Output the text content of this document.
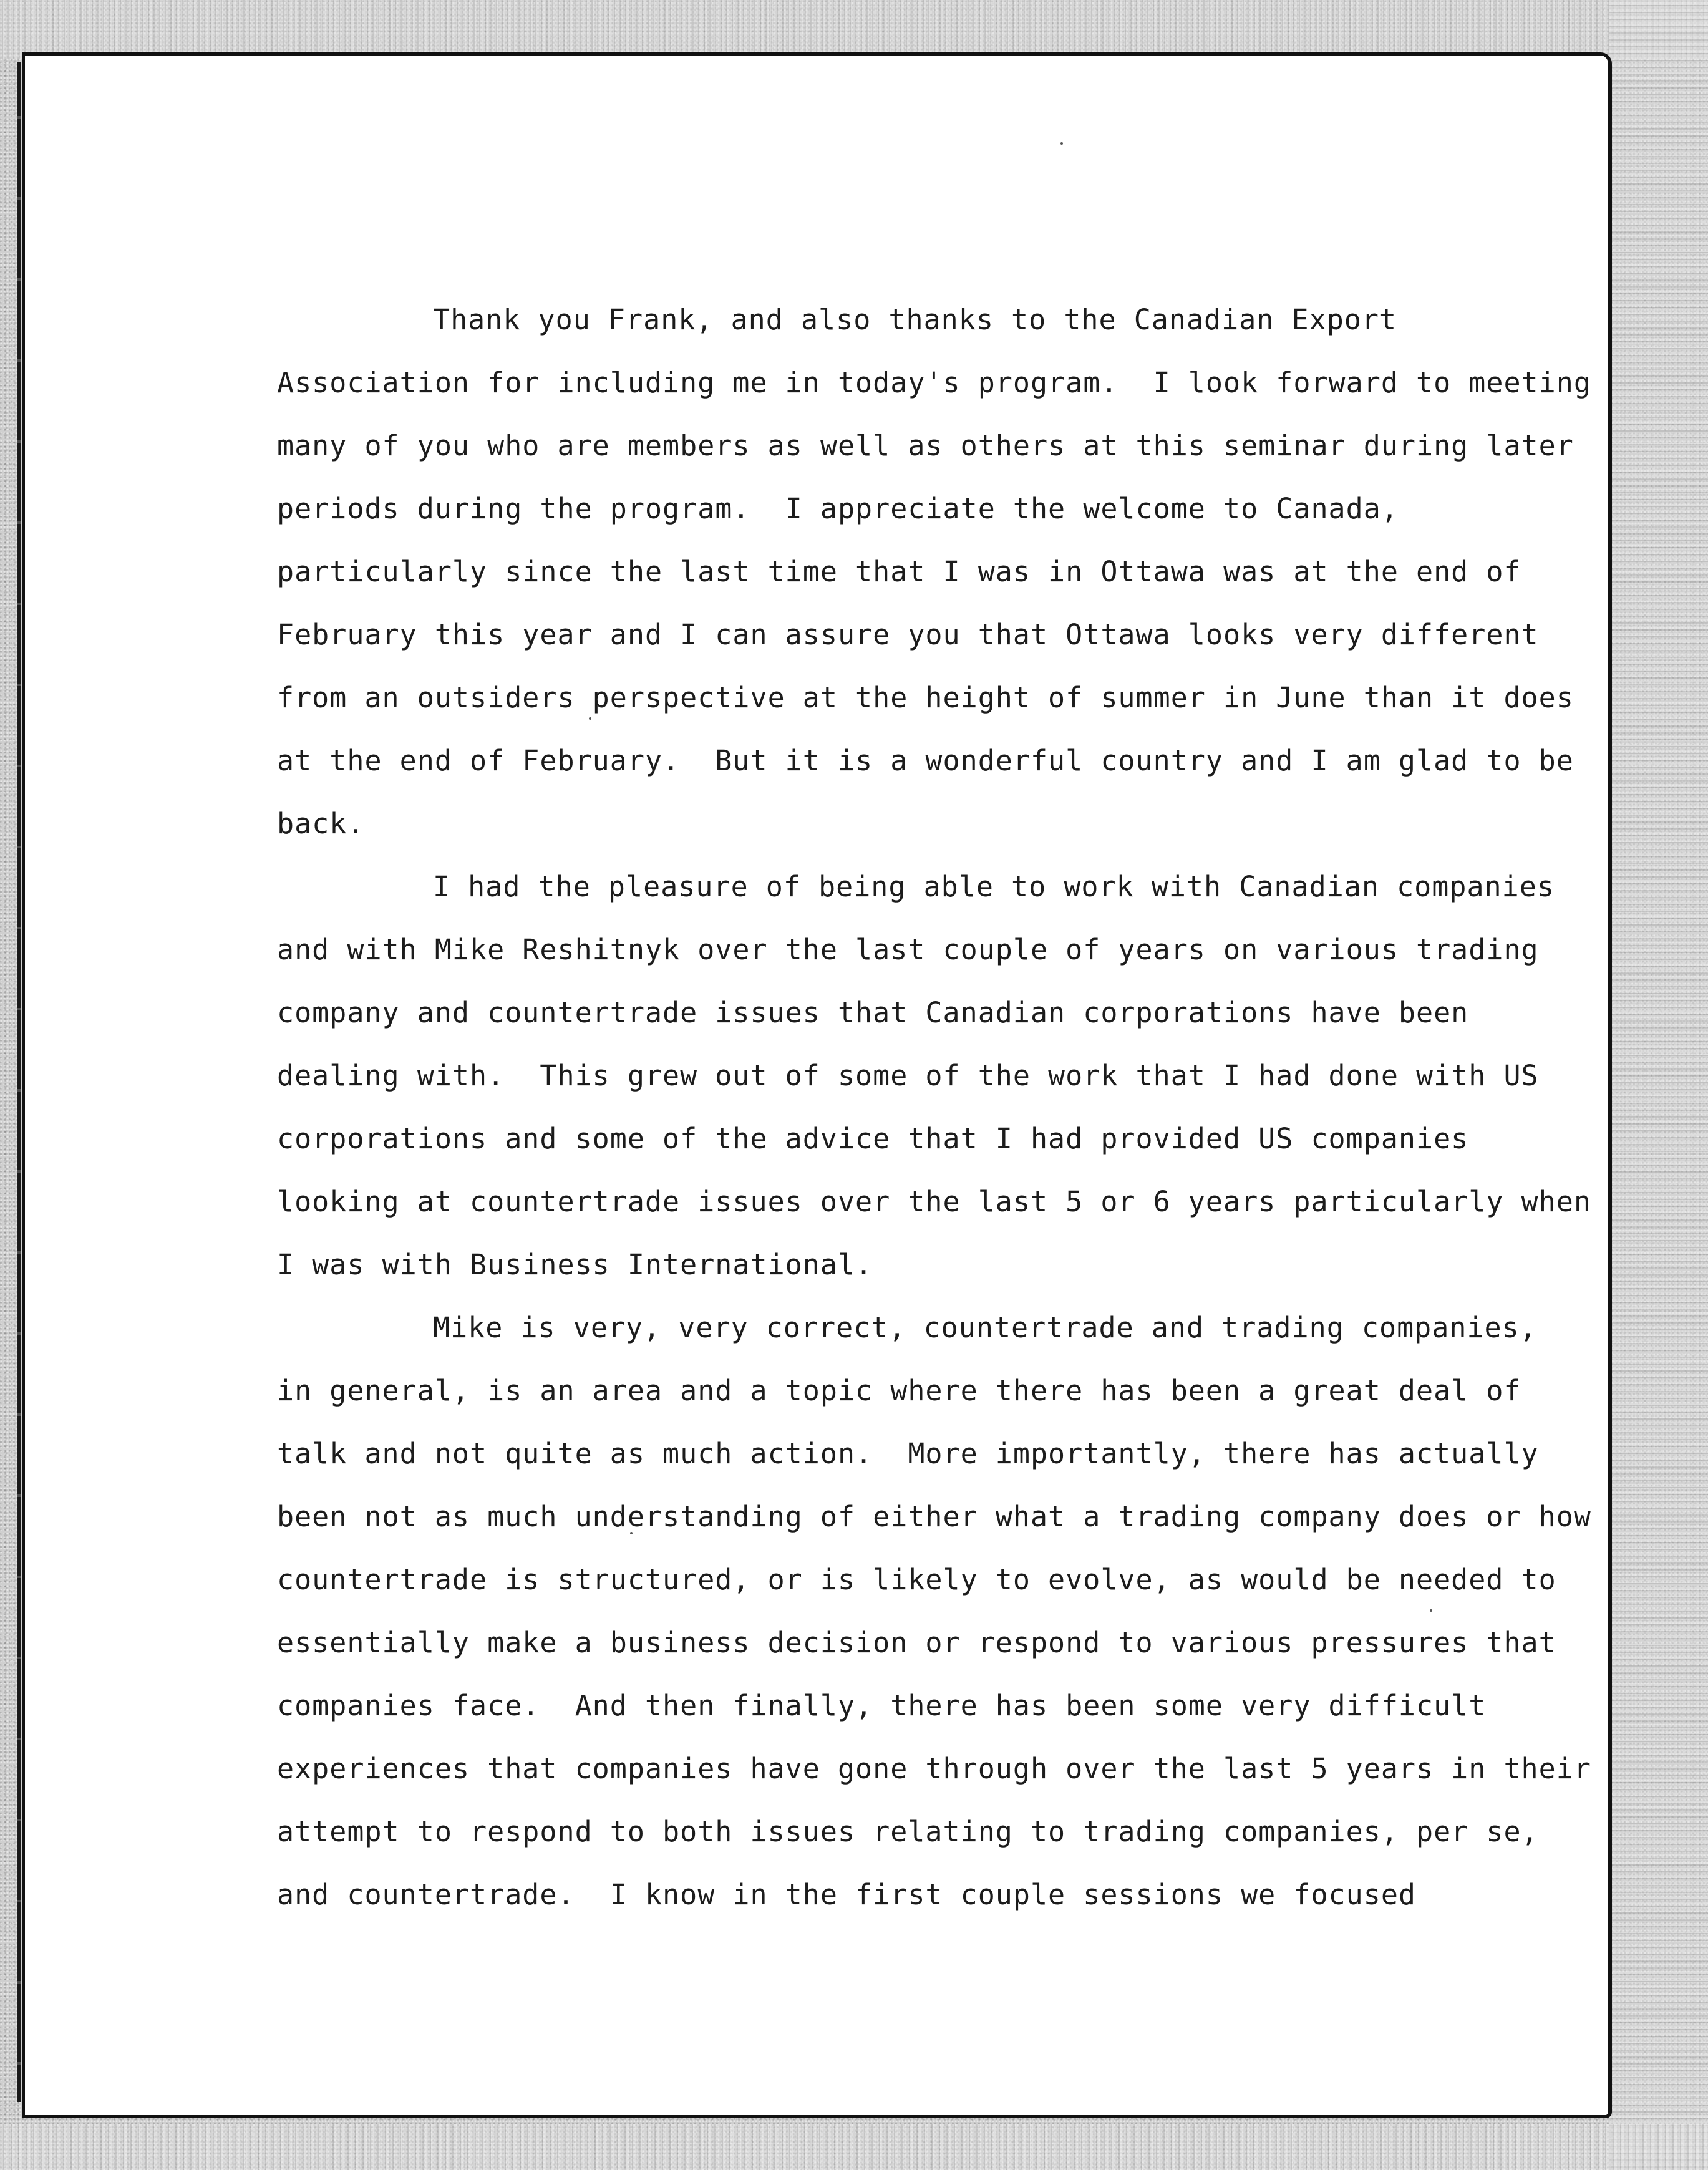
Thank you Frank, and also thanks to the Canadian Export
Association for including me in today's program.  I look forward to meeting
many of you who are members as well as others at this seminar during later
periods during the program.  I appreciate the welcome to Canada,
particularly since the last time that I was in Ottawa was at the end of
February this year and I can assure you that Ottawa looks very different
from an outsiders perspective at the height of summer in June than it does
at the end of February.  But it is a wonderful country and I am glad to be
back.
I had the pleasure of being able to work with Canadian companies
and with Mike Reshitnyk over the last couple of years on various trading
company and countertrade issues that Canadian corporations have been
dealing with.  This grew out of some of the work that I had done with US
corporations and some of the advice that I had provided US companies
looking at countertrade issues over the last 5 or 6 years particularly when
I was with Business International.
Mike is very, very correct, countertrade and trading companies,
in general, is an area and a topic where there has been a great deal of
talk and not quite as much action.  More importantly, there has actually
been not as much understanding of either what a trading company does or how
countertrade is structured, or is likely to evolve, as would be needed to
essentially make a business decision or respond to various pressures that
companies face.  And then finally, there has been some very difficult
experiences that companies have gone through over the last 5 years in their
attempt to respond to both issues relating to trading companies, per se,
and countertrade.  I know in the first couple sessions we focused
